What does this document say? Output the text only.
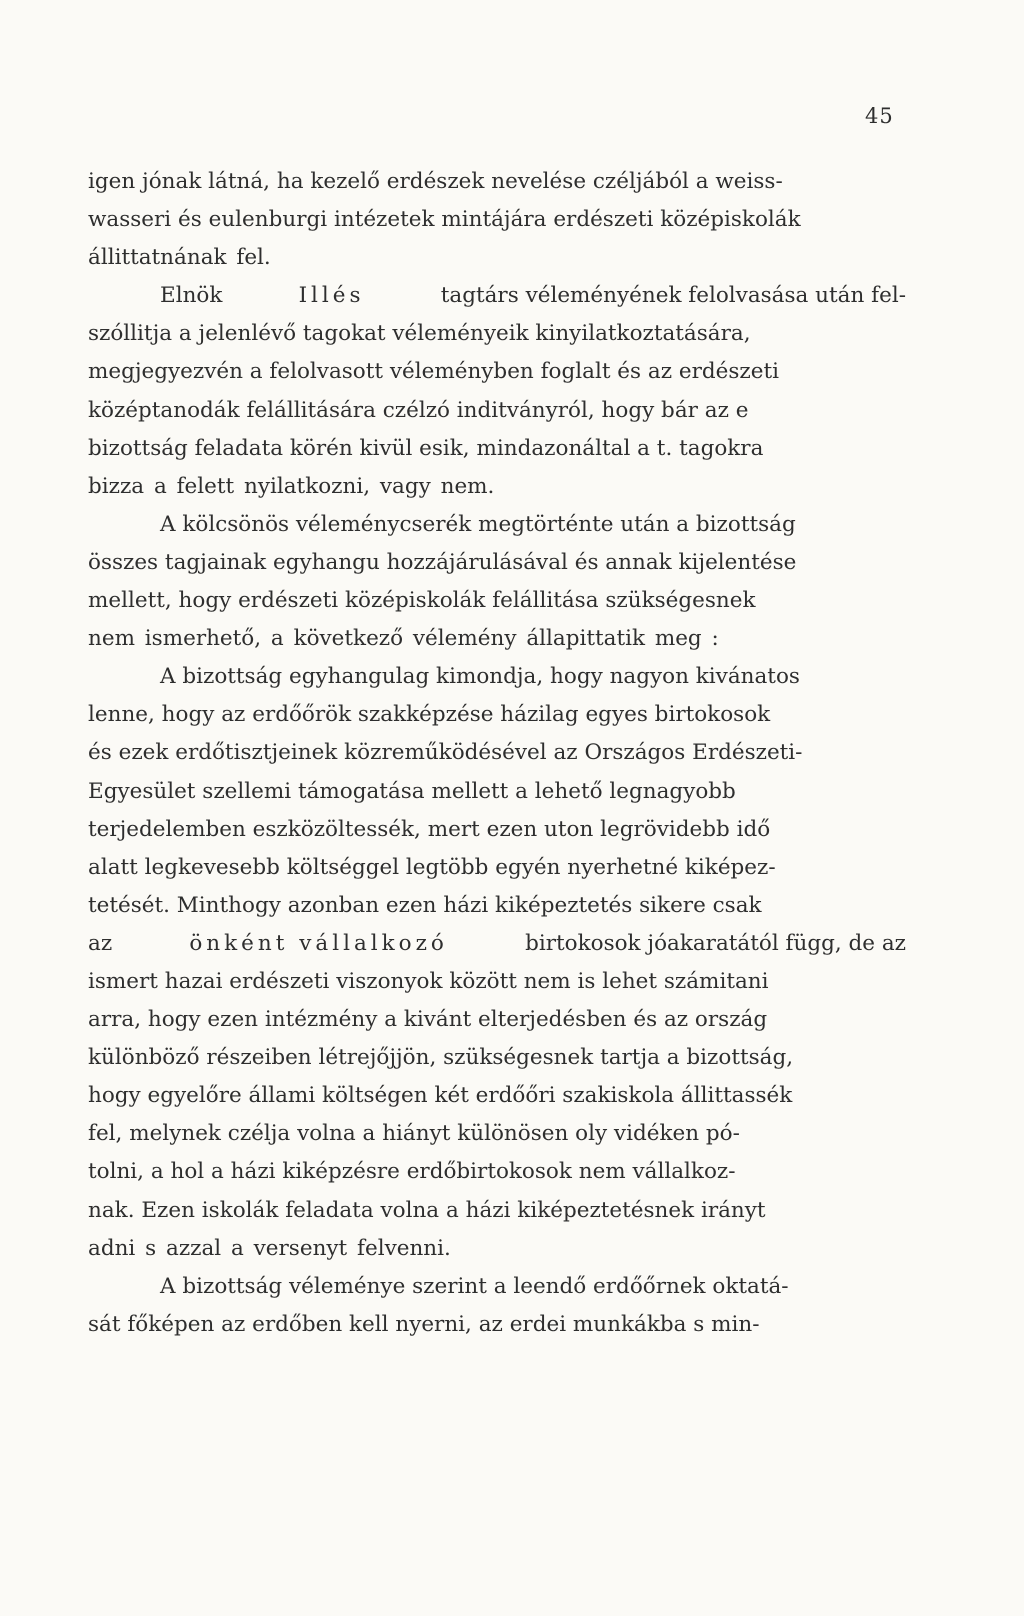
45
igen jónak látná, ha kezelő erdészek nevelése czéljából a weiss-
wasseri és eulenburgi intézetek mintájára erdészeti középiskolák
állittatnának fel.
Elnök	Illés	tagtárs véleményének felolvasása után fel-
szóllitja a jelenlévő tagokat véleményeik kinyilatkoztatására,
megjegyezvén a felolvasott véleményben foglalt és az erdészeti
középtanodák felállitására czélzó inditványról, hogy bár az e
bizottság feladata körén kivül esik, mindazonáltal a t. tagokra
bizza a felett nyilatkozni, vagy nem.
A kölcsönös véleménycserék megtörténte után a bizottság
összes tagjainak egyhangu hozzájárulásával és annak kijelentése
mellett, hogy erdészeti középiskolák felállitása szükségesnek
nem ismerhető, a következő vélemény állapittatik meg :
A bizottság egyhangulag kimondja, hogy nagyon kivánatos
lenne, hogy az erdőőrök szakképzése házilag egyes birtokosok
és ezek erdőtisztjeinek közreműködésével az Országos Erdészeti-
Egyesület szellemi támogatása mellett a lehető legnagyobb
terjedelemben eszközöltessék, mert ezen uton legrövidebb idő
alatt legkevesebb költséggel legtöbb egyén nyerhetné kiképez-
tetését. Minthogy azonban ezen házi kiképeztetés sikere csak
az	önként vállalkozó	birtokosok jóakaratától függ, de az
ismert hazai erdészeti viszonyok között nem is lehet számitani
arra, hogy ezen intézmény a kivánt elterjedésben és az ország
különböző részeiben létrejőjjön, szükségesnek tartja a bizottság,
hogy egyelőre állami költségen két erdőőri szakiskola állittassék
fel, melynek czélja volna a hiányt különösen oly vidéken pó-
tolni, a hol a házi kiképzésre erdőbirtokosok nem vállalkoz-
nak. Ezen iskolák feladata volna a házi kiképeztetésnek irányt
adni s azzal a versenyt felvenni.
A bizottság véleménye szerint a leendő erdőőrnek oktatá-
sát főképen az erdőben kell nyerni, az erdei munkákba s min-
